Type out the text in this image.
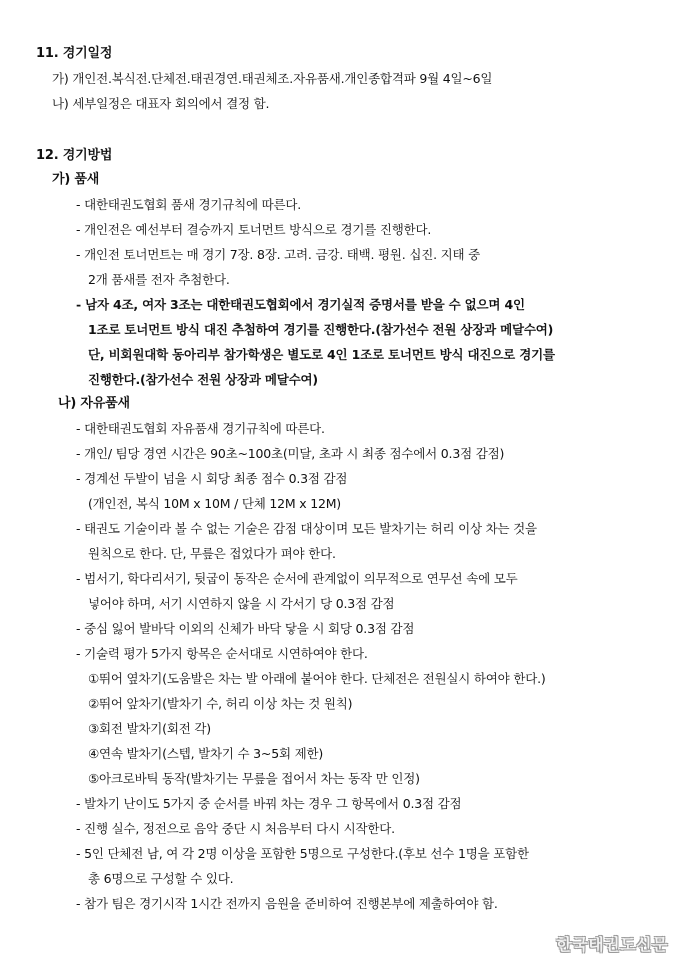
11. 경기일정
가) 개인전.복식전.단체전.태권경연.태권체조.자유품새.개인종합격파 9월 4일~6일
나) 세부일정은 대표자 회의에서 결정 함.
12. 경기방법
가) 품새
- 대한태권도협회 품새 경기규칙에 따른다.
- 개인전은 예선부터 결승까지 토너먼트 방식으로 경기를 진행한다.
- 개인전 토너먼트는 매 경기 7장. 8장. 고려. 금강. 태백. 평원. 십진. 지태 중
2개 품새를 전자 추첨한다.
- 남자 4조, 여자 3조는 대한태권도협회에서 경기실적 증명서를 받을 수 없으며 4인
1조로 토너먼트 방식 대진 추첨하여 경기를 진행한다.(참가선수 전원 상장과 메달수여)
단, 비회원대학 동아리부 참가학생은 별도로 4인 1조로 토너먼트 방식 대진으로 경기를
진행한다.(참가선수 전원 상장과 메달수여)
나) 자유품새
- 대한태권도협회 자유품새 경기규칙에 따른다.
- 개인/ 팀당 경연 시간은 90초~100초(미달, 초과 시 최종 점수에서 0.3점 감점)
- 경계선 두발이 넘을 시 회당 최종 점수 0.3점 감점
(개인전, 복식 10M x 10M / 단체 12M x 12M)
- 태권도 기술이라 볼 수 없는 기술은 감점 대상이며 모든 발차기는 허리 이상 차는 것을
원칙으로 한다. 단, 무릎은 접었다가 펴야 한다.
- 범서기, 학다리서기, 뒷굽이 동작은 순서에 관계없이 의무적으로 연무선 속에 모두
넣어야 하며, 서기 시연하지 않을 시 각서기 당 0.3점 감점
- 중심 잃어 발바닥 이외의 신체가 바닥 닿을 시 회당 0.3점 감점
- 기술력 평가 5가지 항목은 순서대로 시연하여야 한다.
①뛰어 옆차기(도움발은 차는 발 아래에 붙어야 한다. 단체전은 전원실시 하여야 한다.)
②뛰어 앞차기(발차기 수, 허리 이상 차는 것 원칙)
③회전 발차기(회전 각)
④연속 발차기(스텝, 발차기 수 3~5회 제한)
⑤아크로바틱 동작(발차기는 무릎을 접어서 차는 동작 만 인정)
- 발차기 난이도 5가지 중 순서를 바꿔 차는 경우 그 항목에서 0.3점 감점
- 진행 실수, 정전으로 음악 중단 시 처음부터 다시 시작한다.
- 5인 단체전 남, 여 각 2명 이상을 포함한 5명으로 구성한다.(후보 선수 1명을 포함한
총 6명으로 구성할 수 있다.
- 참가 팀은 경기시작 1시간 전까지 음원을 준비하여 진행본부에 제출하여야 함.
한국태권도신문
